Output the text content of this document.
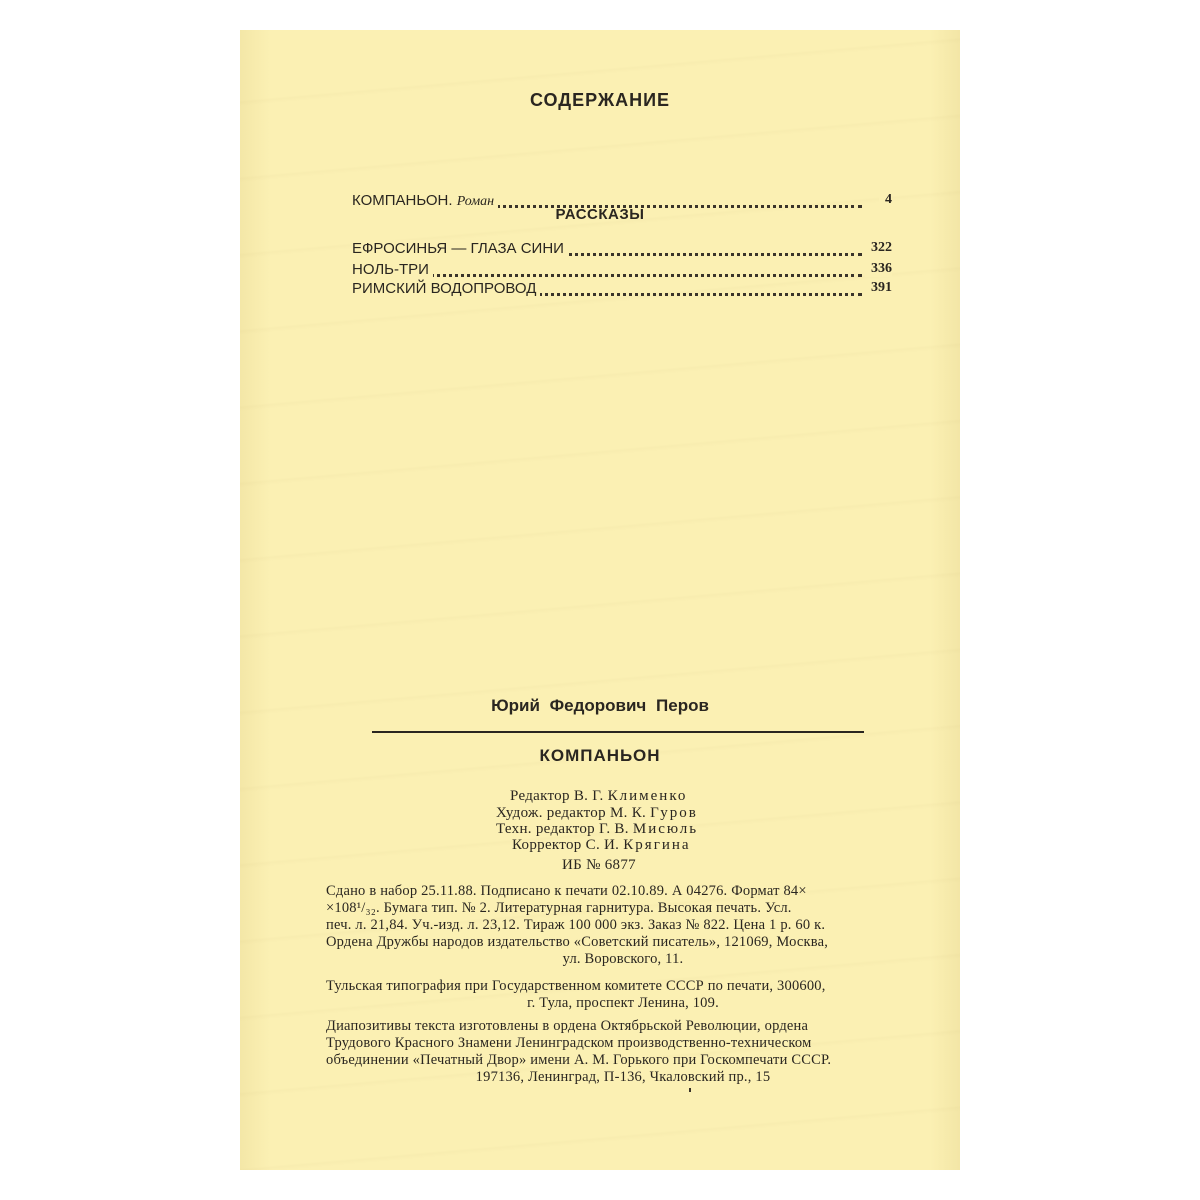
СОДЕРЖАНИЕ
КОМПАНЬОН. Роман	4
РАССКАЗЫ
ЕФРОСИНЬЯ — ГЛАЗА СИНИ	322
НОЛЬ-ТРИ	336
РИМСКИЙ ВОДОПРОВОД	391
Юрий Федорович Перов
КОМПАНЬОН
Редактор В. Г. Клименко
Худож. редактор М. К. Гуров
Техн. редактор Г. В. Мисюль
Корректор С. И. Крягина
ИБ № 6877

Сдано в набор 25.11.88. Подписано к печати 02.10.89. А 04276. Формат 84×

×108¹/₃₂. Бумага тип. № 2. Литературная гарнитура. Высокая печать. Усл.

печ. л. 21,84. Уч.-изд. л. 23,12. Тираж 100 000 экз. Заказ № 822. Цена 1 р. 60 к.

Ордена Дружбы народов издательство «Советский писатель», 121069, Москва,

ул. Воровского, 11.

Тульская типография при Государственном комитете СССР по печати, 300600,

г. Тула, проспект Ленина, 109.

Диапозитивы текста изготовлены в ордена Октябрьской Революции, ордена

Трудового Красного Знамени Ленинградском производственно-техническом

объединении «Печатный Двор» имени А. М. Горького при Госкомпечати СССР.

197136, Ленинград, П-136, Чкаловский пр., 15
